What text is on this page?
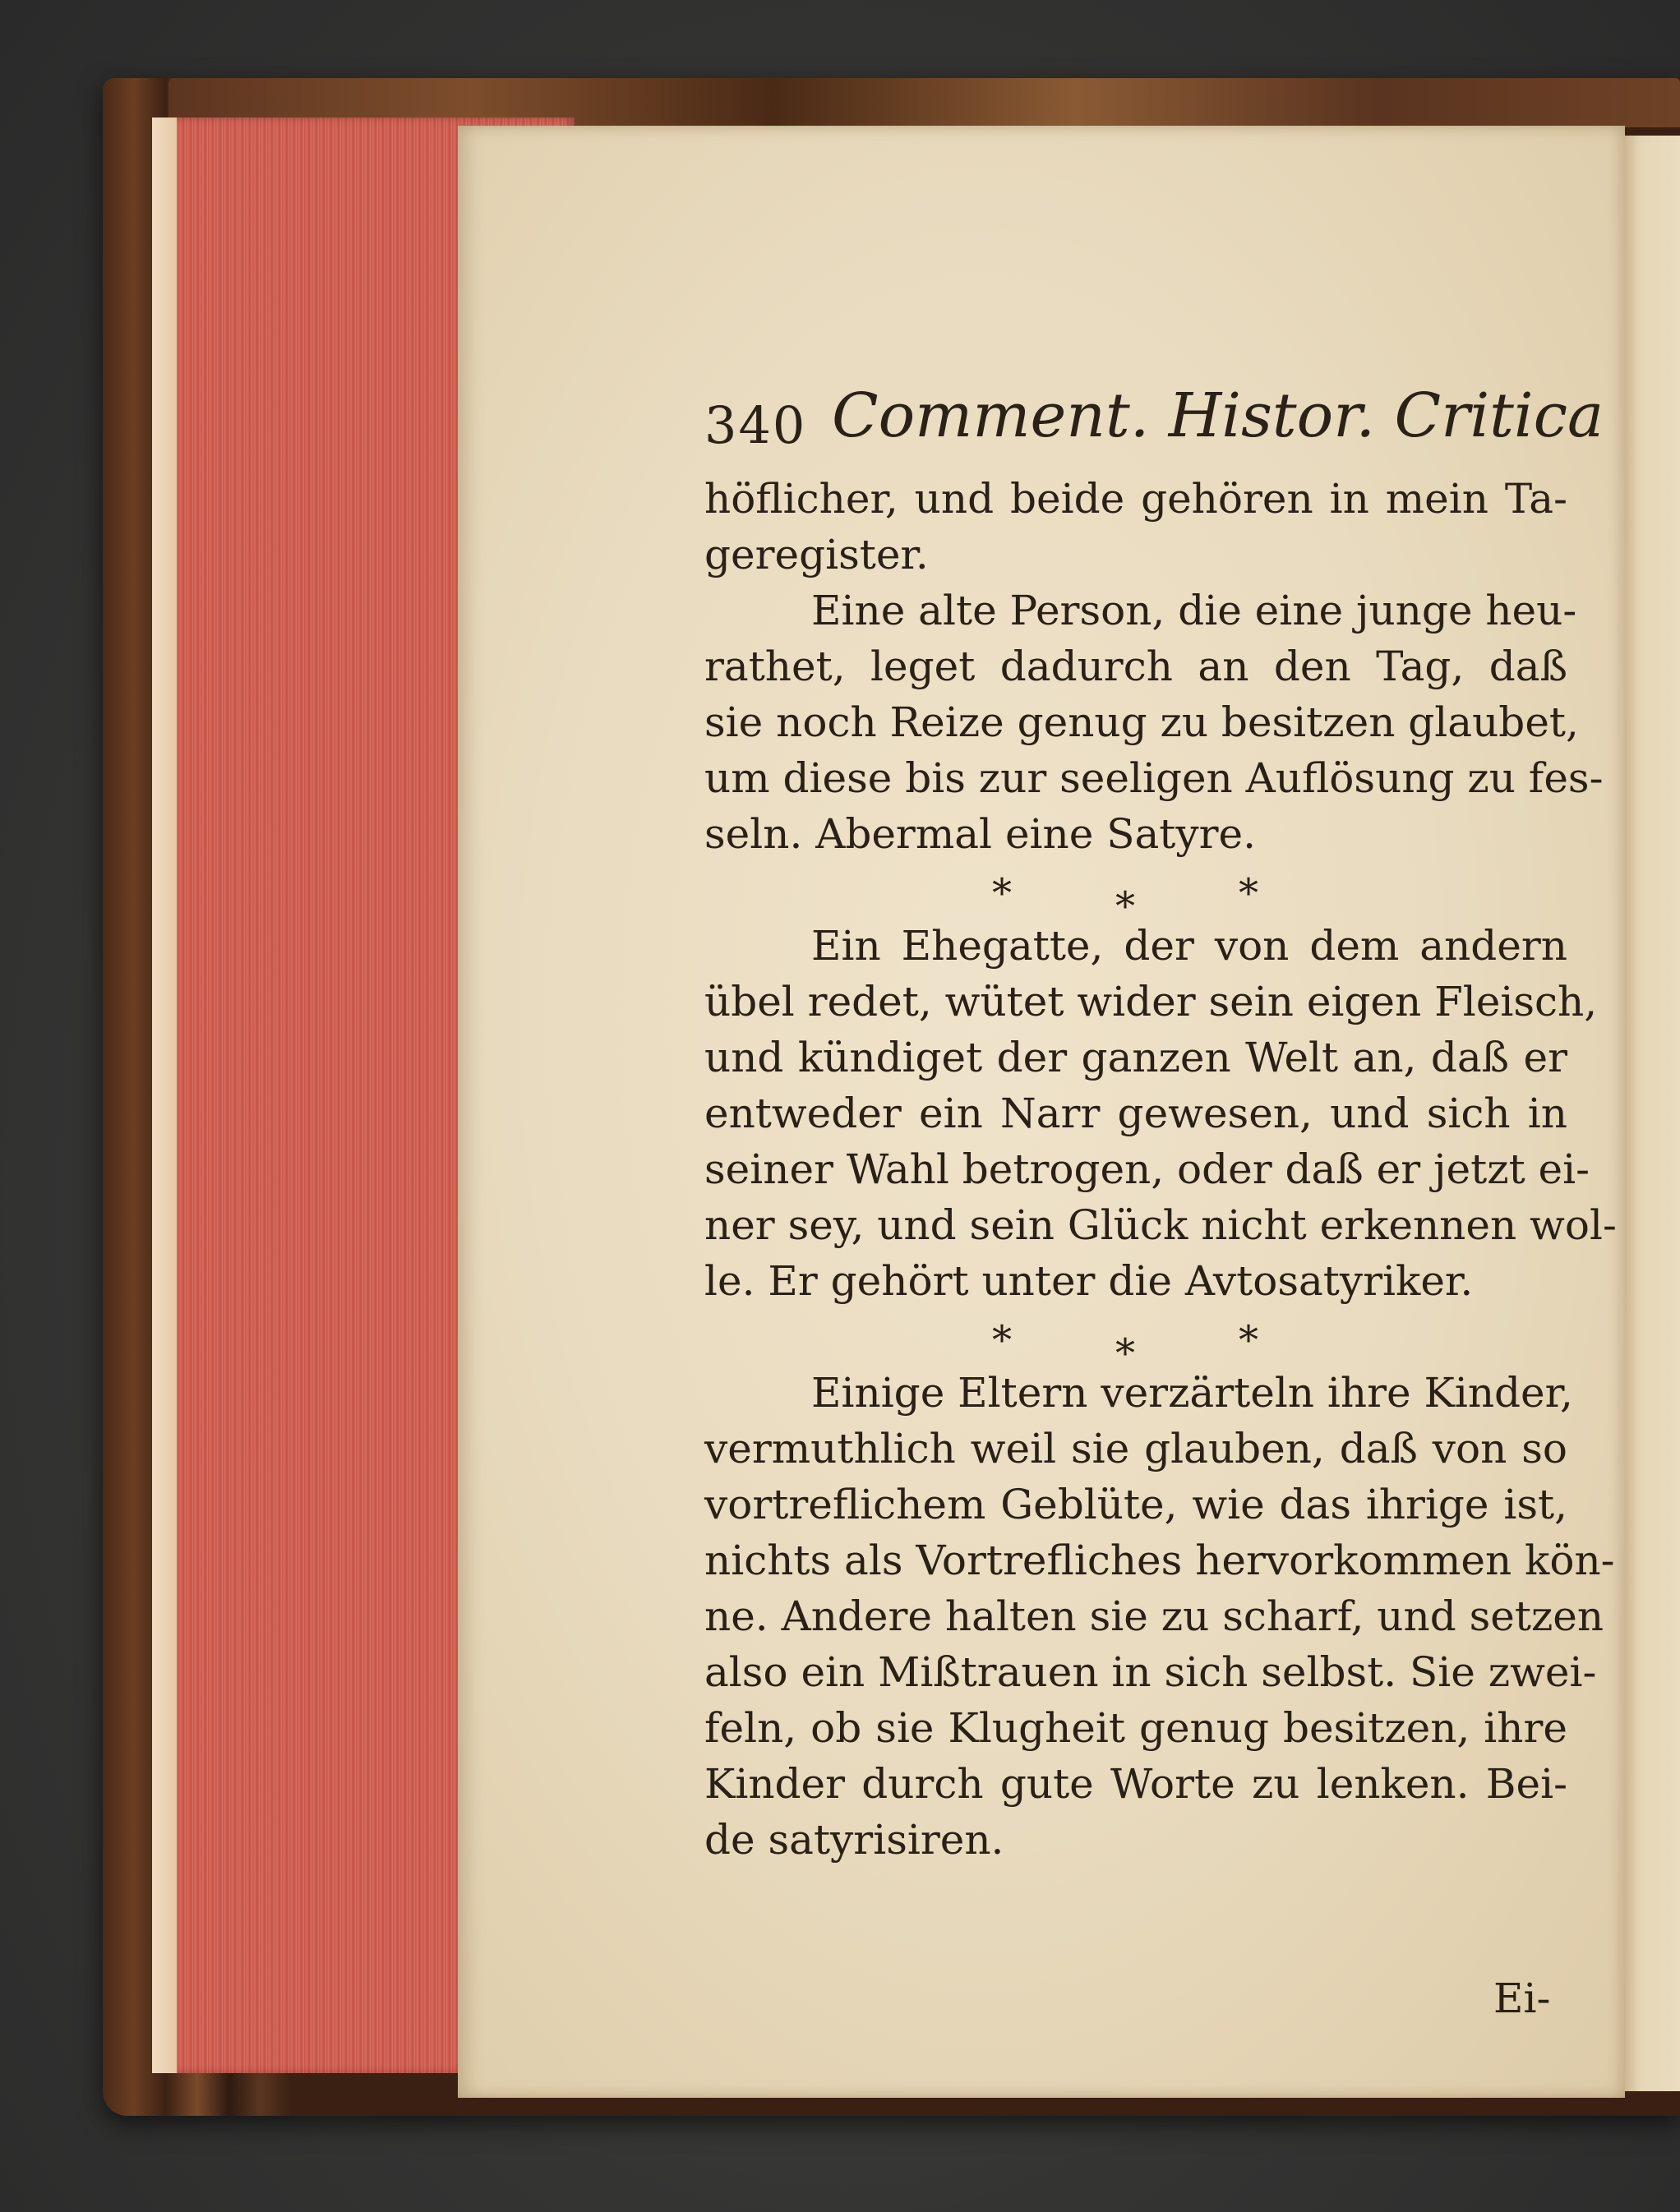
340 Comment. Histor. Critica
höflicher, und beide gehören in mein Ta-
geregister.
Eine alte Person, die eine junge heu-
rathet, leget dadurch an den Tag, daß
sie noch Reize genug zu besitzen glaubet,
um diese bis zur seeligen Auflösung zu fes-
seln. Abermal eine Satyre.
*	*	*
Ein Ehegatte, der von dem andern
übel redet, wütet wider sein eigen Fleisch,
und kündiget der ganzen Welt an, daß er
entweder ein Narr gewesen, und sich in
seiner Wahl betrogen, oder daß er jetzt ei-
ner sey, und sein Glück nicht erkennen wol-
le. Er gehört unter die Avtosatyriker.
*	*	*
Einige Eltern verzärteln ihre Kinder,
vermuthlich weil sie glauben, daß von so
vortreflichem Geblüte, wie das ihrige ist,
nichts als Vortrefliches hervorkommen kön-
ne. Andere halten sie zu scharf, und setzen
also ein Mißtrauen in sich selbst. Sie zwei-
feln, ob sie Klugheit genug besitzen, ihre
Kinder durch gute Worte zu lenken. Bei-
de satyrisiren.
Ei-
